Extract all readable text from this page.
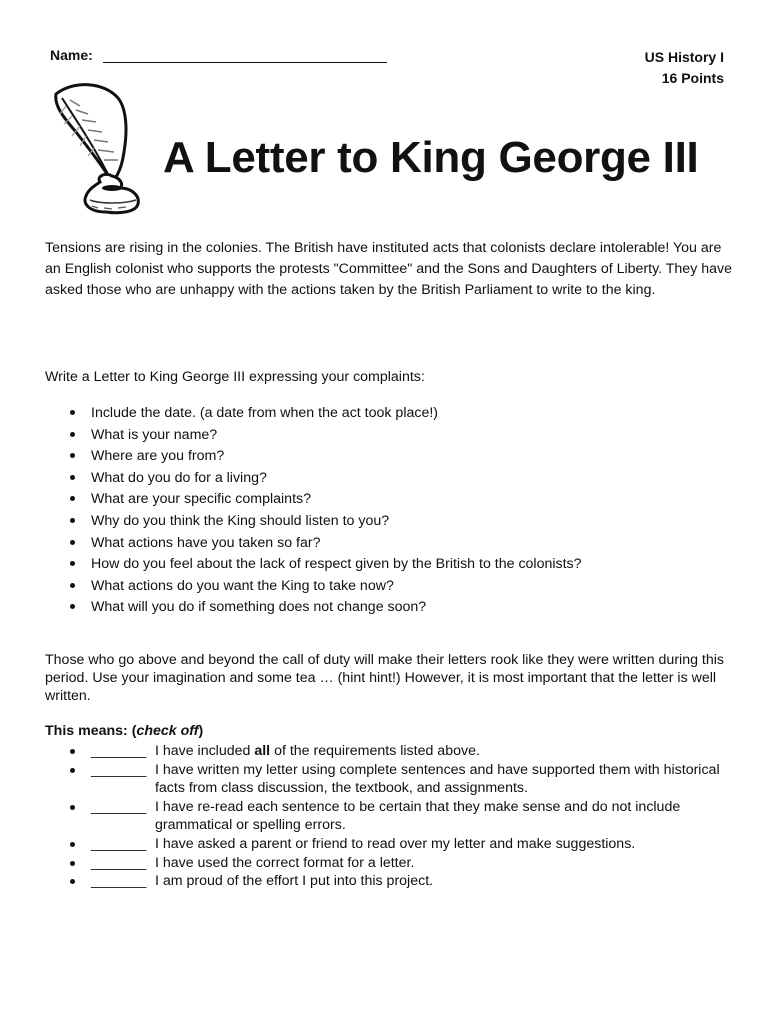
Name:	US History I
16 Points
A Letter to King George III

Tensions are rising in the colonies. The British have instituted acts that colonists declare intolerable! You are an English colonist who supports the protests "Committee" and the Sons and Daughters of Liberty. They have asked those who are unhappy with the actions taken by the British Parliament to write to the king.

Write a Letter to King George III expressing your complaints:

Include the date. (a date from when the act took place!)
What is your name?
Where are you from?
What do you do for a living?
What are your specific complaints?
Why do you think the King should listen to you?
What actions have you taken so far?
How do you feel about the lack of respect given by the British to the colonists?
What actions do you want the King to take now?
What will you do if something does not change soon?

Those who go above and beyond the call of duty will make their letters rook like they were written during this period. Use your imagination and some tea … (hint hint!) However, it is most important that the letter is well written.

This means: (check off)

_______ I have included all of the requirements listed above.
_______ I have written my letter using complete sentences and have supported them with historical facts from class discussion, the textbook, and assignments.
_______ I have re-read each sentence to be certain that they make sense and do not include grammatical or spelling errors.
_______ I have asked a parent or friend to read over my letter and make suggestions.
_______ I have used the correct format for a letter.
_______ I am proud of the effort I put into this project.
